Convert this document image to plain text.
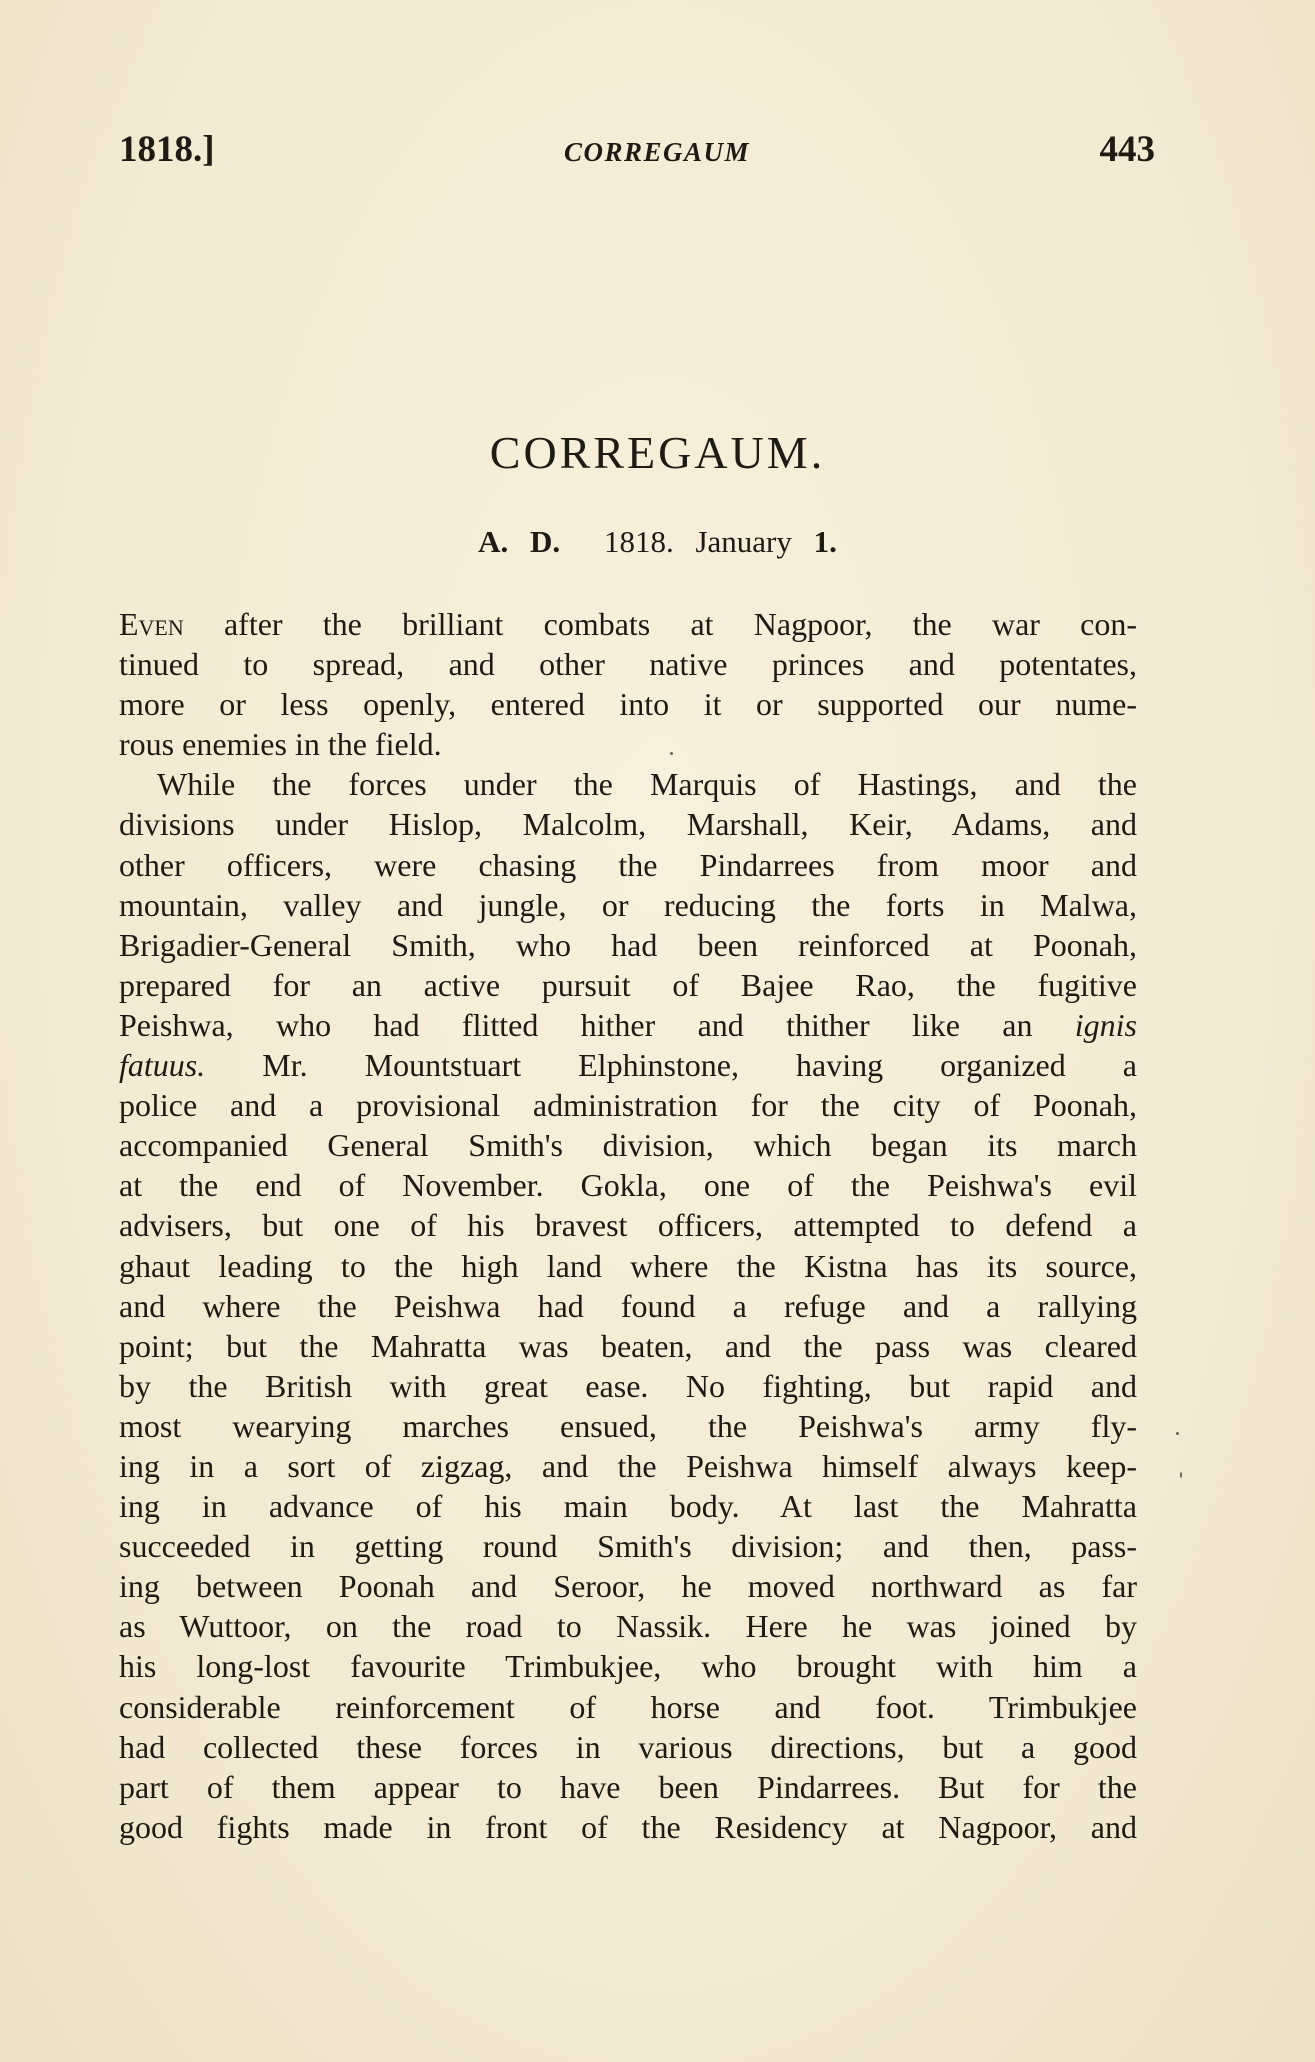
1818.]	CORREGAUM	443
CORREGAUM.
A. D. 1818. January 1.
Even after the brilliant combats at Nagpoor, the war con-
tinued to spread, and other native princes and potentates,
more or less openly, entered into it or supported our nume-
rous enemies in the field.
While the forces under the Marquis of Hastings, and the
divisions under Hislop, Malcolm, Marshall, Keir, Adams, and
other officers, were chasing the Pindarrees from moor and
mountain, valley and jungle, or reducing the forts in Malwa,
Brigadier-General Smith, who had been reinforced at Poonah,
prepared for an active pursuit of Bajee Rao, the fugitive
Peishwa, who had flitted hither and thither like an ignis
fatuus. Mr. Mountstuart Elphinstone, having organized a
police and a provisional administration for the city of Poonah,
accompanied General Smith's division, which began its march
at the end of November. Gokla, one of the Peishwa's evil
advisers, but one of his bravest officers, attempted to defend a
ghaut leading to the high land where the Kistna has its source,
and where the Peishwa had found a refuge and a rallying
point; but the Mahratta was beaten, and the pass was cleared
by the British with great ease. No fighting, but rapid and
most wearying marches ensued, the Peishwa's army fly-
ing in a sort of zigzag, and the Peishwa himself always keep-
ing in advance of his main body. At last the Mahratta
succeeded in getting round Smith's division; and then, pass-
ing between Poonah and Seroor, he moved northward as far
as Wuttoor, on the road to Nassik. Here he was joined by
his long-lost favourite Trimbukjee, who brought with him a
considerable reinforcement of horse and foot. Trimbukjee
had collected these forces in various directions, but a good
part of them appear to have been Pindarrees. But for the
good fights made in front of the Residency at Nagpoor, and
